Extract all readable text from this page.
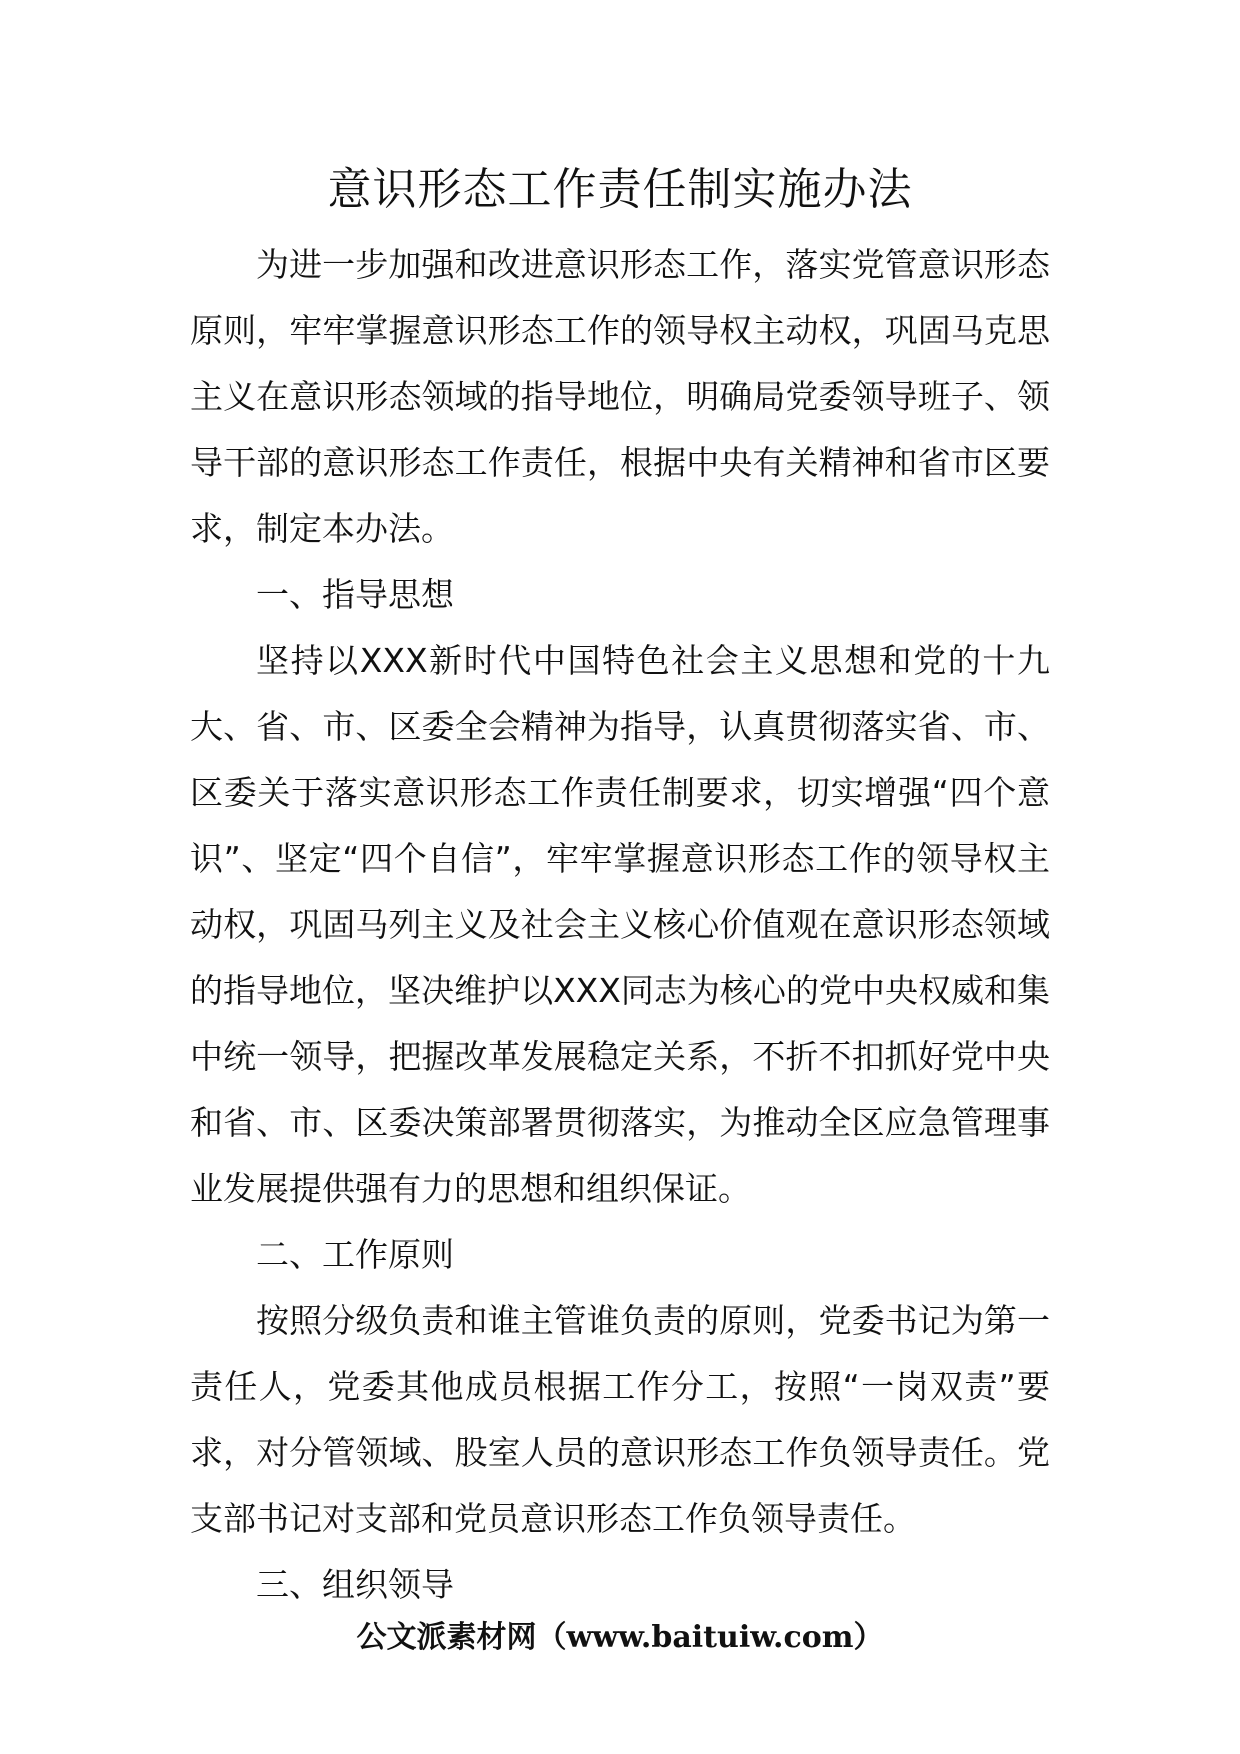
意识形态工作责任制实施办法

为进一步加强和改进意识形态工作，落实党管意识形态原则，牢牢掌握意识形态工作的领导权主动权，巩固马克思主义在意识形态领域的指导地位，明确局党委领导班子、领导干部的意识形态工作责任，根据中央有关精神和省市区要求，制定本办法。

一、指导思想

坚持以XXX新时代中国特色社会主义思想和党的十九大、省、市、区委全会精神为指导，认真贯彻落实省、市、区委关于落实意识形态工作责任制要求，切实增强“四个意识”、坚定“四个自信”，牢牢掌握意识形态工作的领导权主动权，巩固马列主义及社会主义核心价值观在意识形态领域的指导地位，坚决维护以XXX同志为核心的党中央权威和集中统一领导，把握改革发展稳定关系，不折不扣抓好党中央和省、市、区委决策部署贯彻落实，为推动全区应急管理事业发展提供强有力的思想和组织保证。

二、工作原则

按照分级负责和谁主管谁负责的原则，党委书记为第一责任人，党委其他成员根据工作分工，按照“一岗双责”要求，对分管领域、股室人员的意识形态工作负领导责任。党支部书记对支部和党员意识形态工作负领导责任。

三、组织领导

公文派素材网（www.baituiw.com）
